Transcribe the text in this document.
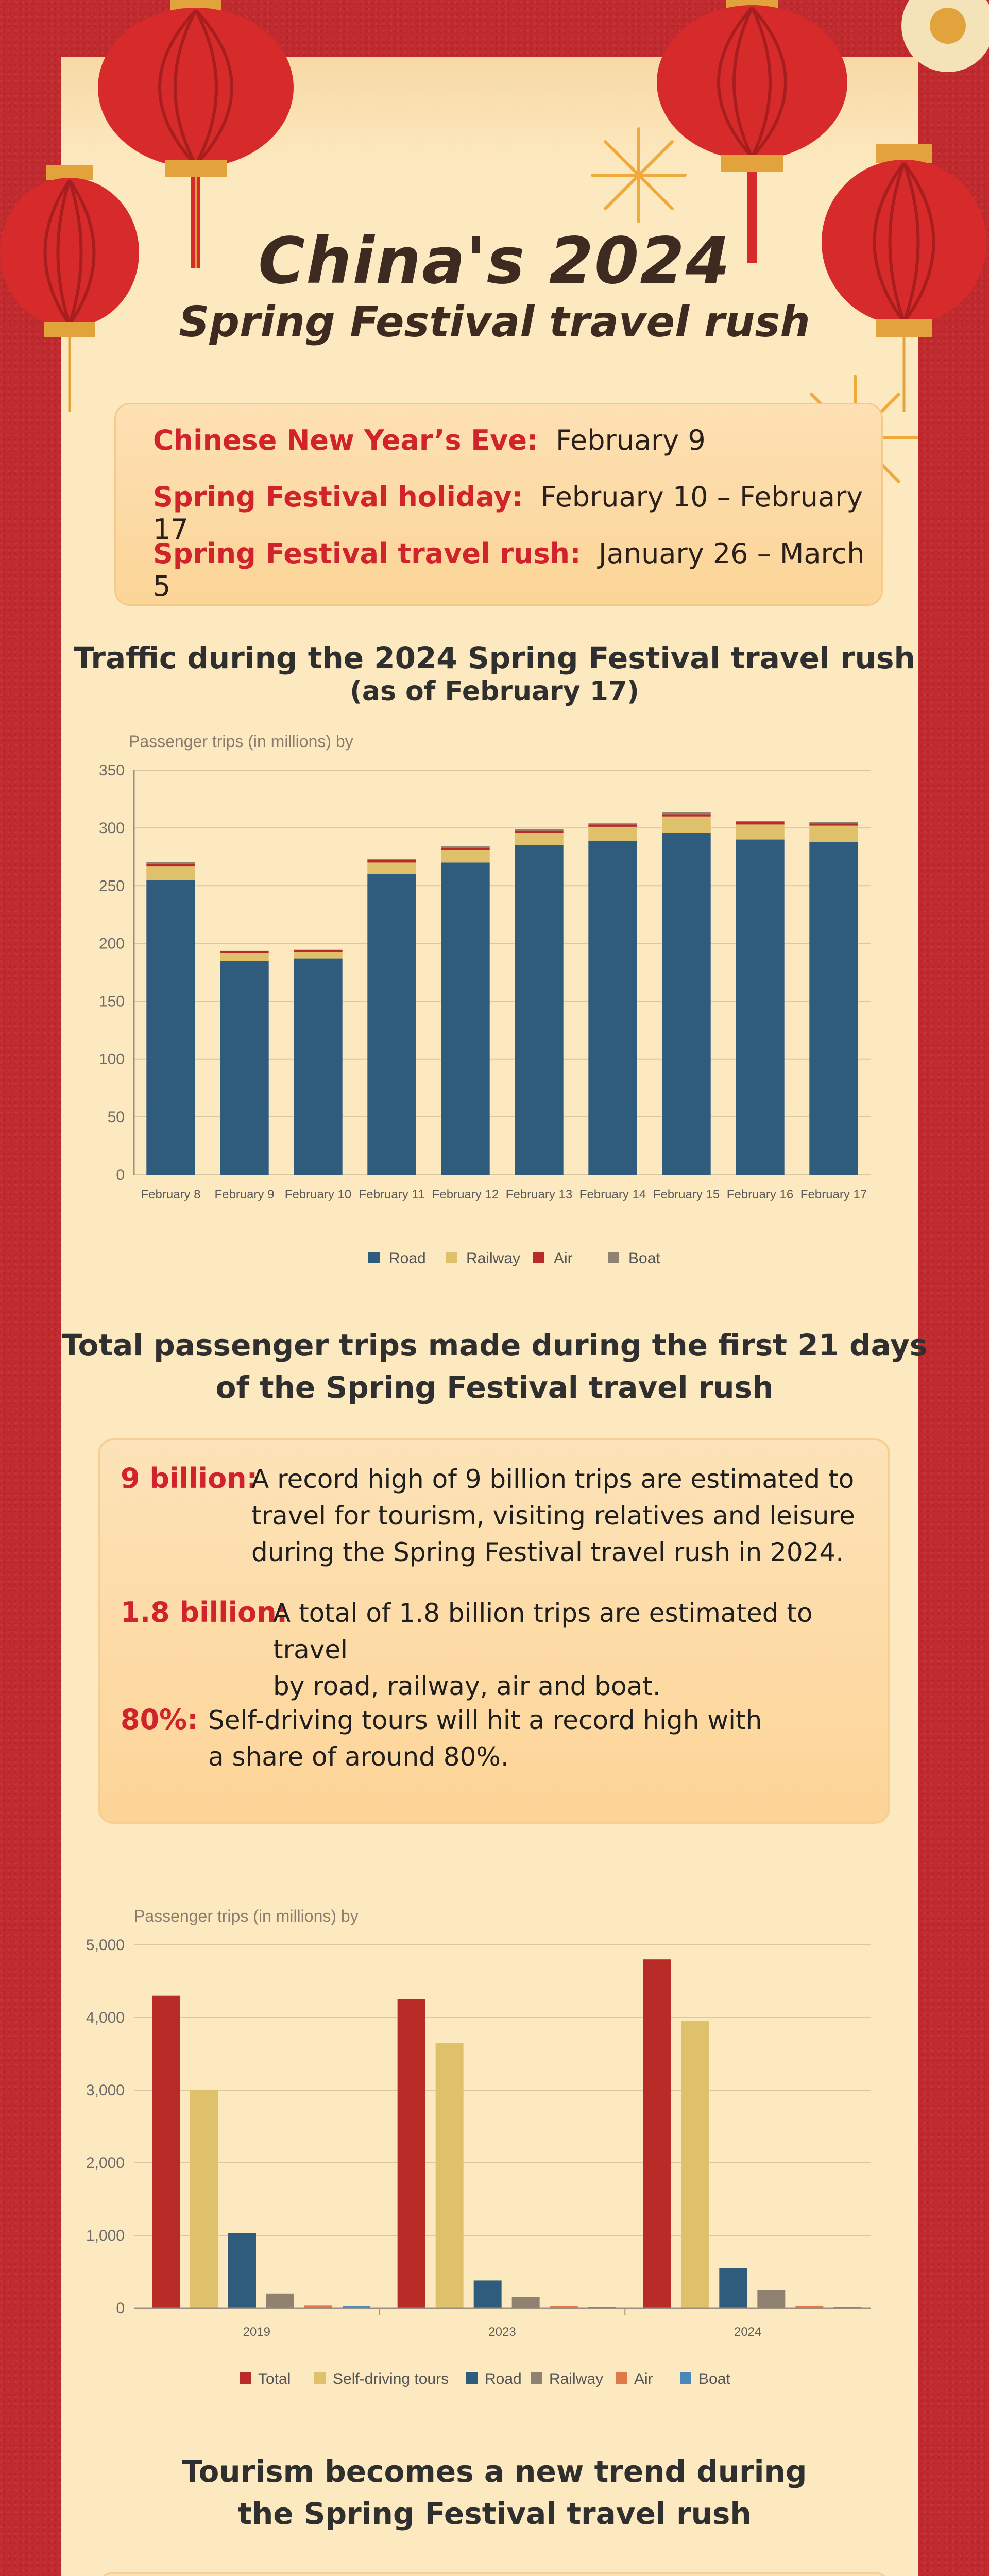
China's 2024
Spring Festival travel rush
Chinese New Year’s Eve: February 9
Spring Festival holiday: February 10 – February 17
Spring Festival travel rush: January 26 – March 5
Traffic during the 2024 Spring Festival travel rush
(as of February 17)
Passenger trips (in millions) by
0
50
100
150
200
250
300
350
February 8 February 9 February 10 February 11 February 12 February 13 February 14 February 15 February 16 February 17
Road	Railway Air	Boat
Total passenger trips made during the first 21 days
of the Spring Festival travel rush
9 billion:
A record high of 9 billion trips are estimated to
travel for tourism, visiting relatives and leisure
during the Spring Festival travel rush in 2024.
1.8 billion:
A total of 1.8 billion trips are estimated to travel
by road, railway, air and boat.
80%: Self-driving tours will hit a record high with
a share of around 80%.
Passenger trips (in millions) by
0
1,000
2,000
3,000
4,000
5,000
2019	2023	2024
Total	Self-driving tours Road Railway Air	Boat
Tourism becomes a new trend during
the Spring Festival travel rush
